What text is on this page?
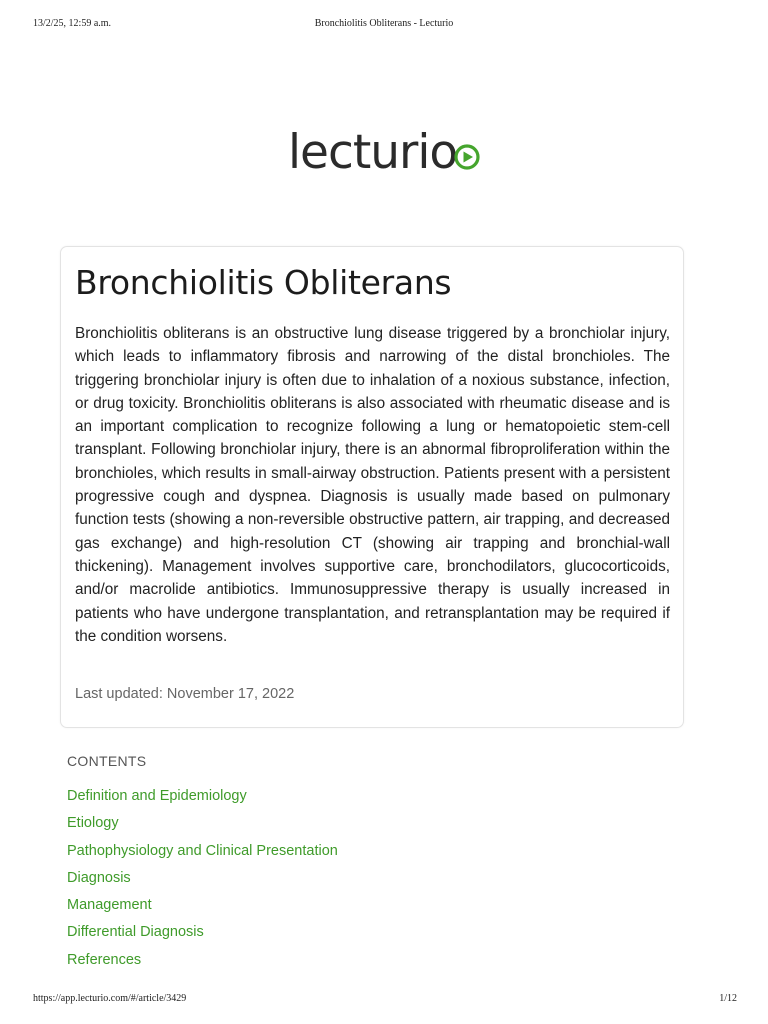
13/2/25, 12:59 a.m.	Bronchiolitis Obliterans - Lecturio
lecturio
Bronchiolitis Obliterans

Bronchiolitis obliterans is an obstructive lung disease triggered by a bronchiolar injury, which leads to inflammatory fibrosis and narrowing of the distal bronchioles. The triggering bronchiolar injury is often due to inhalation of a noxious substance, infection, or drug toxicity. Bronchiolitis obliterans is also associated with rheumatic disease and is an important complication to recognize following a lung or hematopoietic stem-cell transplant. Following bronchiolar injury, there is an abnormal fibroproliferation within the bronchioles, which results in small-airway obstruction. Patients present with a persistent progressive cough and dyspnea. Diagnosis is usually made based on pulmonary function tests (showing a non-reversible obstructive pattern, air trapping, and decreased gas exchange) and high-resolution CT (showing air trapping and bronchial-wall thickening). Management involves supportive care, bronchodilators, glucocorticoids, and/or macrolide antibiotics. Immunosuppressive therapy is usually increased in patients who have undergone transplantation, and retransplantation may be required if the condition worsens.

Last updated: November 17, 2022
CONTENTS
Definition and Epidemiology
Etiology
Pathophysiology and Clinical Presentation
Diagnosis
Management
Differential Diagnosis
References
https://app.lecturio.com/#/article/3429	1/12
